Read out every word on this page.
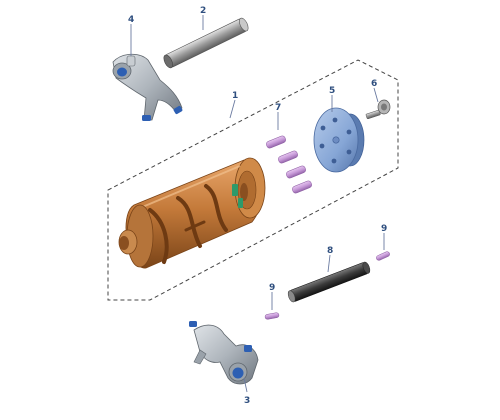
2
4
1
7
5
6
8
9
9
3
